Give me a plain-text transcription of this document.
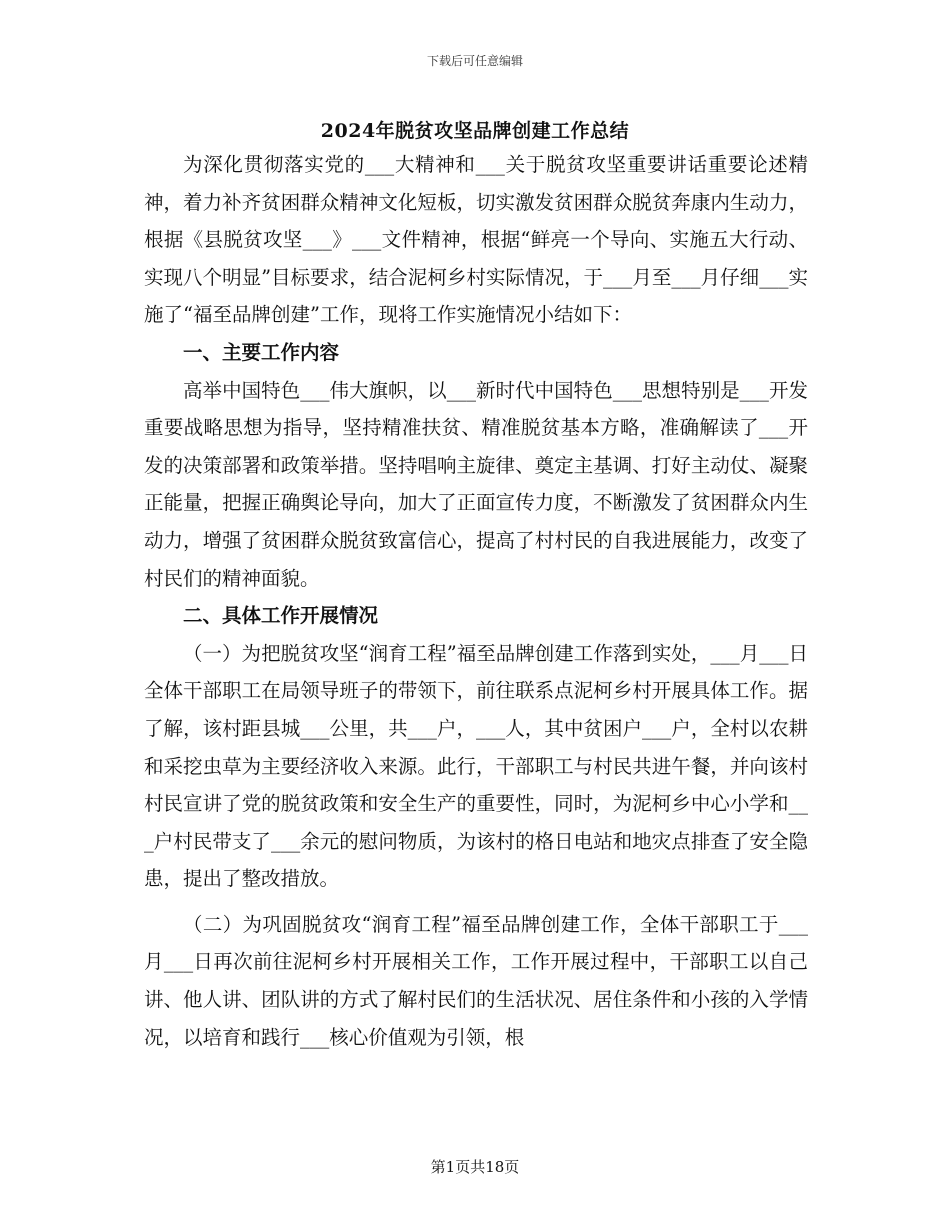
下载后可任意编辑
2024年脱贫攻坚品牌创建工作总结

为深化贯彻落实党的___大精神和___关于脱贫攻坚重要讲话重要论述精神，着力补齐贫困群众精神文化短板，切实激发贫困群众脱贫奔康内生动力，根据《县脱贫攻坚___》___文件精神，根据“鲜亮一个导向、实施五大行动、实现八个明显”目标要求，结合泥柯乡村实际情况，于___月至___月仔细___实施了“福至品牌创建”工作，现将工作实施情况小结如下：

一、主要工作内容

高举中国特色___伟大旗帜，以___新时代中国特色___思想特别是___开发重要战略思想为指导，坚持精准扶贫、精准脱贫基本方略，准确解读了___开发的决策部署和政策举措。坚持唱响主旋律、奠定主基调、打好主动仗、凝聚正能量，把握正确舆论导向，加大了正面宣传力度，不断激发了贫困群众内生动力，增强了贫困群众脱贫致富信心，提高了村村民的自我进展能力，改变了村民们的精神面貌。

二、具体工作开展情况

（一）为把脱贫攻坚“润育工程”福至品牌创建工作落到实处，___月___日全体干部职工在局领导班子的带领下，前往联系点泥柯乡村开展具体工作。据了解，该村距县城___公里，共___户，___人，其中贫困户___户，全村以农耕和采挖虫草为主要经济收入来源。此行，干部职工与村民共进午餐，并向该村村民宣讲了党的脱贫政策和安全生产的重要性，同时，为泥柯乡中心小学和___户村民带支了___余元的慰问物质，为该村的格日电站和地灾点排查了安全隐患，提出了整改措放。

（二）为巩固脱贫攻“润育工程”福至品牌创建工作，全体干部职工于___月___日再次前往泥柯乡村开展相关工作，工作开展过程中，干部职工以自己讲、他人讲、团队讲的方式了解村民们的生活状况、居住条件和小孩的入学情况，以培育和践行___核心价值观为引领，根

第1页共18页
